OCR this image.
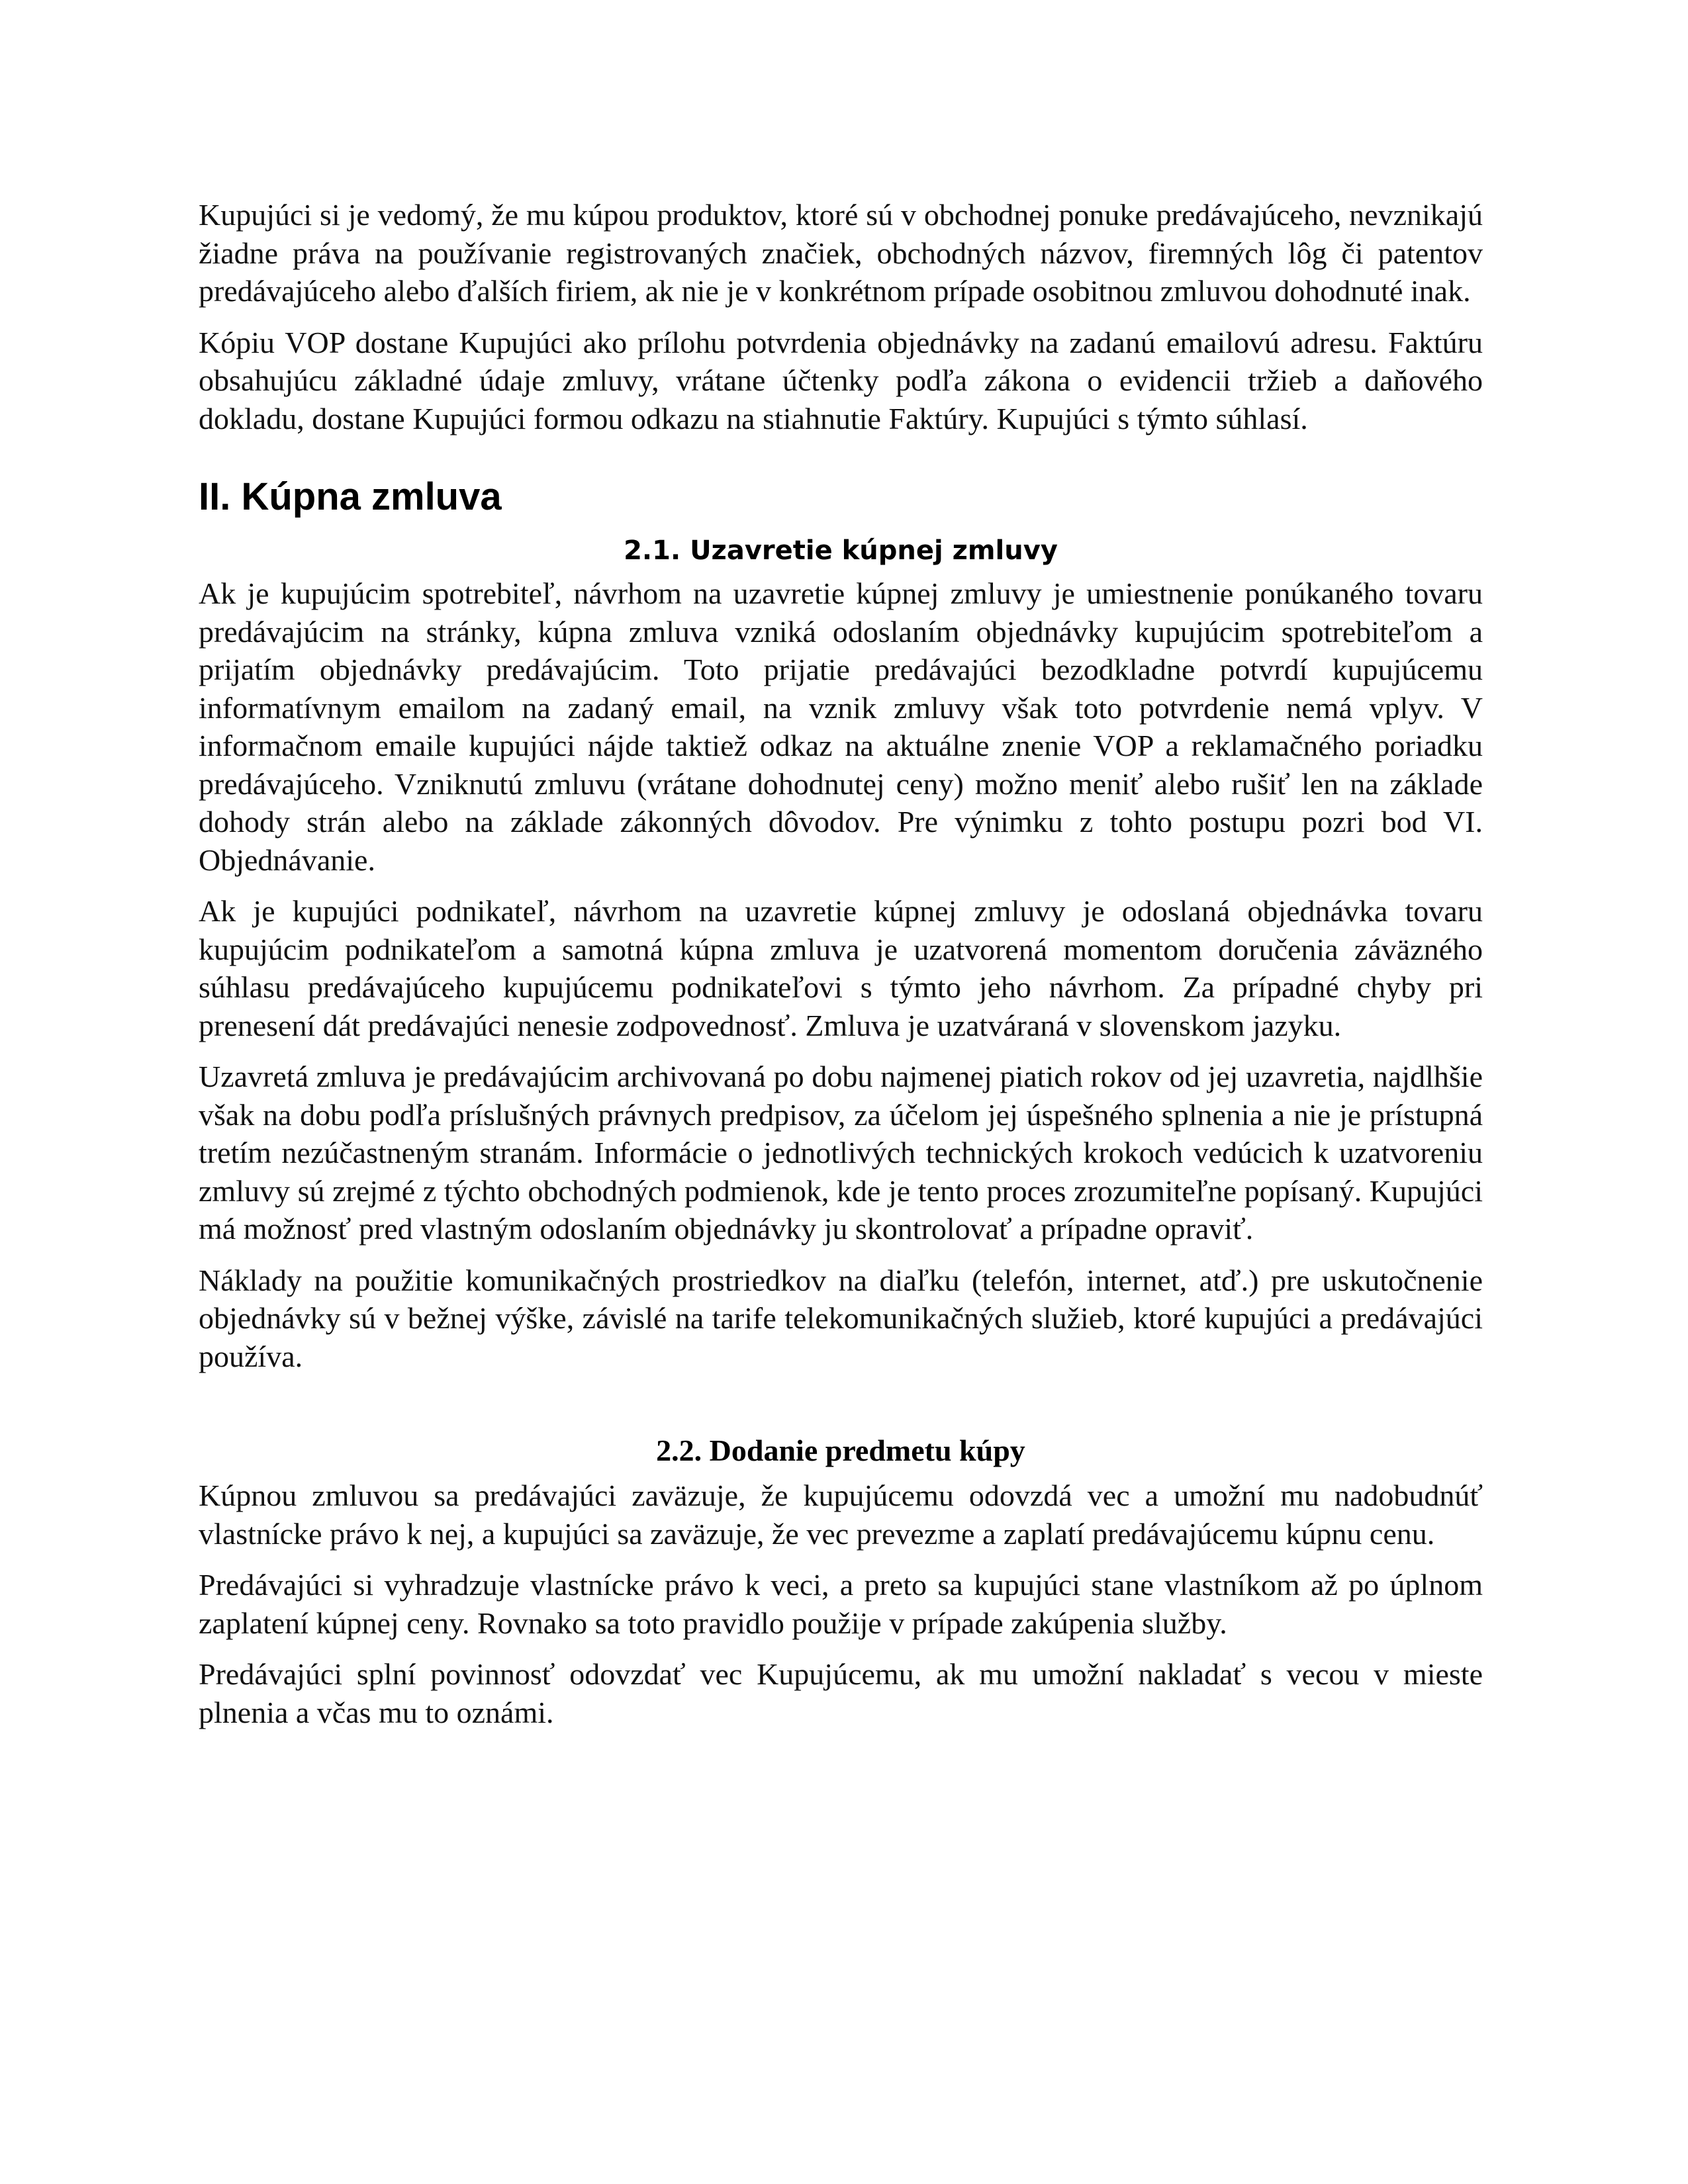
Kupujúci si je vedomý, že mu kúpou produktov, ktoré sú v obchodnej ponuke predávajúceho, nevznikajú žiadne práva na používanie registrovaných značiek, obchodných názvov, firemných lôg či patentov predávajúceho alebo ďalších firiem, ak nie je v konkrétnom prípade osobitnou zmluvou dohodnuté inak.

Kópiu VOP dostane Kupujúci ako prílohu potvrdenia objednávky na zadanú emailovú adresu. Faktúru obsahujúcu základné údaje zmluvy, vrátane účtenky podľa zákona o evidencii tržieb a daňového dokladu, dostane Kupujúci formou odkazu na stiahnutie Faktúry. Kupujúci s týmto súhlasí.

II. Kúpna zmluva
2.1. Uzavretie kúpnej zmluvy

Ak je kupujúcim spotrebiteľ, návrhom na uzavretie kúpnej zmluvy je umiestnenie ponúkaného tovaru predávajúcim na stránky, kúpna zmluva vzniká odoslaním objednávky kupujúcim spotrebiteľom a prijatím objednávky predávajúcim. Toto prijatie predávajúci bezodkladne potvrdí kupujúcemu informatívnym emailom na zadaný email, na vznik zmluvy však toto potvrdenie nemá vplyv. V informačnom emaile kupujúci nájde taktiež odkaz na aktuálne znenie VOP a reklamačného poriadku predávajúceho. Vzniknutú zmluvu (vrátane dohodnutej ceny) možno meniť alebo rušiť len na základe dohody strán alebo na základe zákonných dôvodov. Pre výnimku z tohto postupu pozri bod VI. Objednávanie.

Ak je kupujúci podnikateľ, návrhom na uzavretie kúpnej zmluvy je odoslaná objednávka tovaru kupujúcim podnikateľom a samotná kúpna zmluva je uzatvorená momentom doručenia záväzného súhlasu predávajúceho kupujúcemu podnikateľovi s týmto jeho návrhom. Za prípadné chyby pri prenesení dát predávajúci nenesie zodpovednosť. Zmluva je uzatváraná v slovenskom jazyku.

Uzavretá zmluva je predávajúcim archivovaná po dobu najmenej piatich rokov od jej uzavretia, najdlhšie však na dobu podľa príslušných právnych predpisov, za účelom jej úspešného splnenia a nie je prístupná tretím nezúčastneným stranám. Informácie o jednotlivých technických krokoch vedúcich k uzatvoreniu zmluvy sú zrejmé z týchto obchodných podmienok, kde je tento proces zrozumiteľne popísaný. Kupujúci má možnosť pred vlastným odoslaním objednávky ju skontrolovať a prípadne opraviť.

Náklady na použitie komunikačných prostriedkov na diaľku (telefón, internet, atď.) pre uskutočnenie objednávky sú v bežnej výške, závislé na tarife telekomunikačných služieb, ktoré kupujúci a predávajúci používa.

2.2. Dodanie predmetu kúpy

Kúpnou zmluvou sa predávajúci zaväzuje, že kupujúcemu odovzdá vec a umožní mu nadobudnúť vlastnícke právo k nej, a kupujúci sa zaväzuje, že vec prevezme a zaplatí predávajúcemu kúpnu cenu.

Predávajúci si vyhradzuje vlastnícke právo k veci, a preto sa kupujúci stane vlastníkom až po úplnom zaplatení kúpnej ceny. Rovnako sa toto pravidlo použije v prípade zakúpenia služby.

Predávajúci splní povinnosť odovzdať vec Kupujúcemu, ak mu umožní nakladať s vecou v mieste plnenia a včas mu to oznámi.
